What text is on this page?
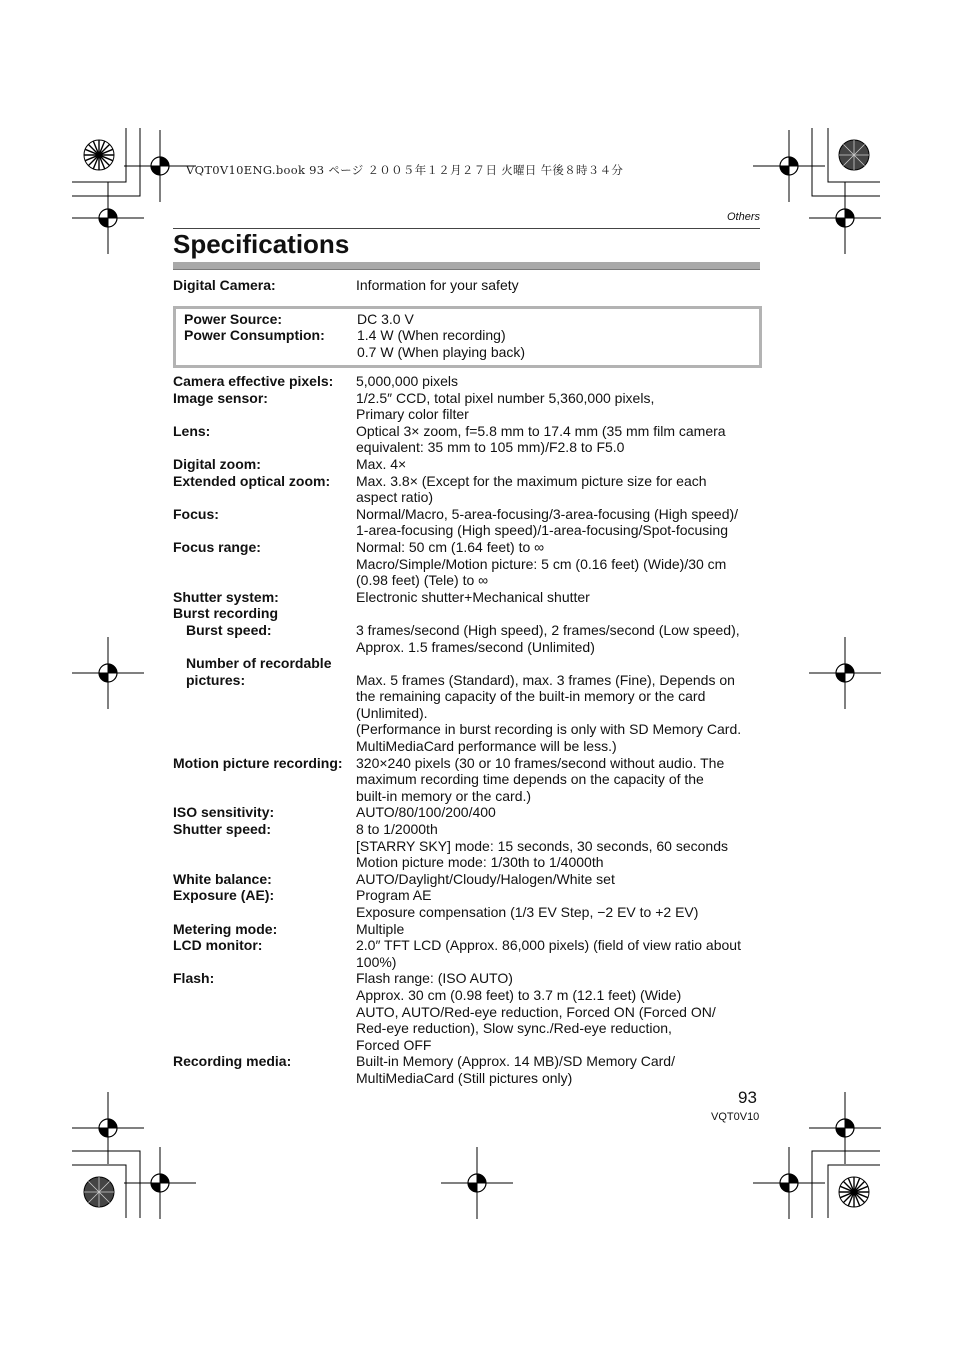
VQT0V10ENG.book 93 ページ ２００５年１２月２７日 火曜日 午後８時３４分
Others
Specifications
Digital Camera:	Information for your safety
Power Source:	DC 3.0 V
Power Consumption: 1.4 W (When recording)
0.7 W (When playing back)
Camera effective pixels: 5,000,000 pixels
Image sensor:	1/2.5″ CCD, total pixel number 5,360,000 pixels,
Primary color filter
Lens:	Optical 3× zoom, f=5.8 mm to 17.4 mm (35 mm film camera
equivalent: 35 mm to 105 mm)/F2.8 to F5.0
Digital zoom:	Max. 4×
Extended optical zoom: Max. 3.8× (Except for the maximum picture size for each
aspect ratio)
Focus:	Normal/Macro, 5-area-focusing/3-area-focusing (High speed)/
1-area-focusing (High speed)/1-area-focusing/Spot-focusing
Focus range:	Normal: 50 cm (1.64 feet) to ∞
Macro/Simple/Motion picture: 5 cm (0.16 feet) (Wide)/30 cm
(0.98 feet) (Tele) to ∞
Shutter system:	Electronic shutter+Mechanical shutter
Burst recording
Burst speed:	3 frames/second (High speed), 2 frames/second (Low speed),
Approx. 1.5 frames/second (Unlimited)
Number of recordable
pictures:	Max. 5 frames (Standard), max. 3 frames (Fine), Depends on
the remaining capacity of the built-in memory or the card
(Unlimited).
(Performance in burst recording is only with SD Memory Card.
MultiMediaCard performance will be less.)
Motion picture recording: 320×240 pixels (30 or 10 frames/second without audio. The
maximum recording time depends on the capacity of the
built-in memory or the card.)
ISO sensitivity:	AUTO/80/100/200/400
Shutter speed:	8 to 1/2000th
[STARRY SKY] mode: 15 seconds, 30 seconds, 60 seconds
Motion picture mode: 1/30th to 1/4000th
White balance:	AUTO/Daylight/Cloudy/Halogen/White set
Exposure (AE):	Program AE
Exposure compensation (1/3 EV Step, −2 EV to +2 EV)
Metering mode:	Multiple
LCD monitor:	2.0″ TFT LCD (Approx. 86,000 pixels) (field of view ratio about
100%)
Flash:	Flash range: (ISO AUTO)
Approx. 30 cm (0.98 feet) to 3.7 m (12.1 feet) (Wide)
AUTO, AUTO/Red-eye reduction, Forced ON (Forced ON/
Red-eye reduction), Slow sync./Red-eye reduction,
Forced OFF
Recording media:	Built-in Memory (Approx. 14 MB)/SD Memory Card/
MultiMediaCard (Still pictures only)
93
VQT0V10
